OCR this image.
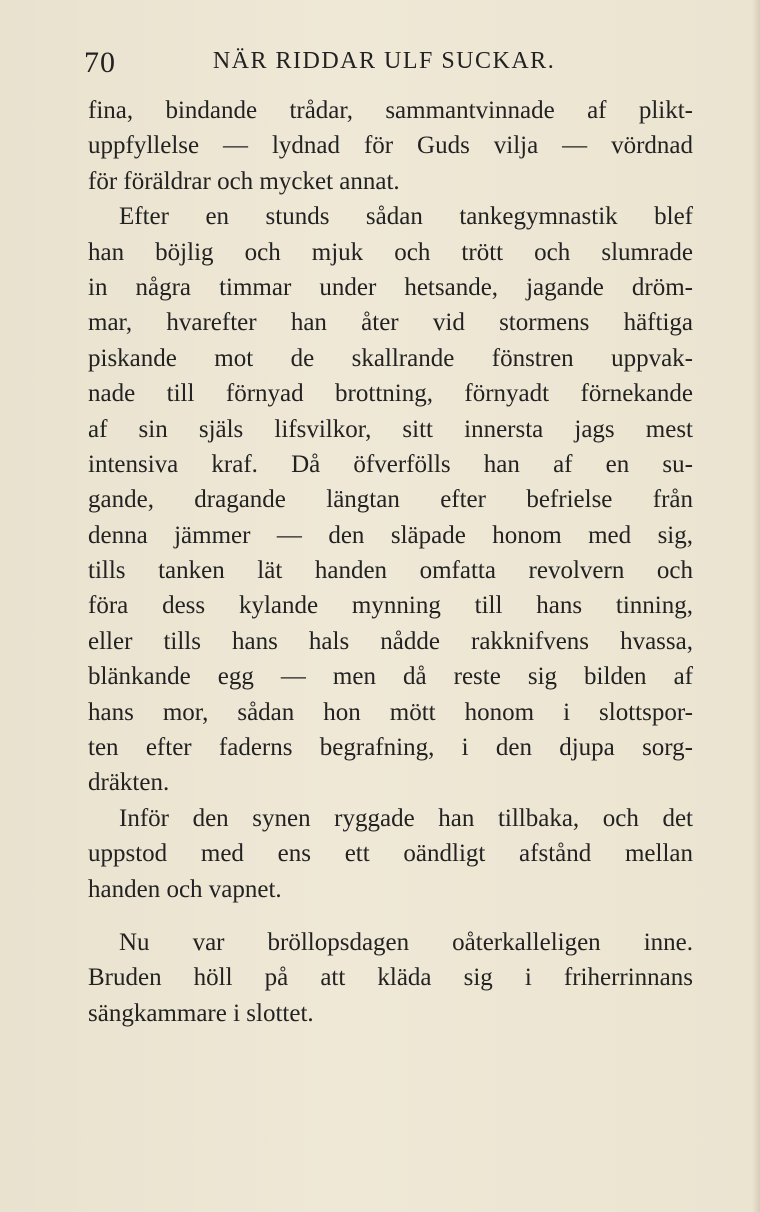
70	NÄR RIDDAR ULF SUCKAR.
fina, bindande trådar, sammantvinnade af plikt-
uppfyllelse — lydnad för Guds vilja — vördnad
för föräldrar och mycket annat.
Efter en stunds sådan tankegymnastik blef
han böjlig och mjuk och trött och slumrade
in några timmar under hetsande, jagande dröm-
mar, hvarefter han åter vid stormens häftiga
piskande mot de skallrande fönstren uppvak-
nade till förnyad brottning, förnyadt förnekande
af sin själs lifsvilkor, sitt innersta jags mest
intensiva kraf. Då öfverfölls han af en su-
gande, dragande längtan efter befrielse från
denna jämmer — den släpade honom med sig,
tills tanken lät handen omfatta revolvern och
föra dess kylande mynning till hans tinning,
eller tills hans hals nådde rakknifvens hvassa,
blänkande egg — men då reste sig bilden af
hans mor, sådan hon mött honom i slottspor-
ten efter faderns begrafning, i den djupa sorg-
dräkten.
Inför den synen ryggade han tillbaka, och det
uppstod med ens ett oändligt afstånd mellan
handen och vapnet.
Nu var bröllopsdagen oåterkalleligen inne.
Bruden höll på att kläda sig i friherrinnans
sängkammare i slottet.
